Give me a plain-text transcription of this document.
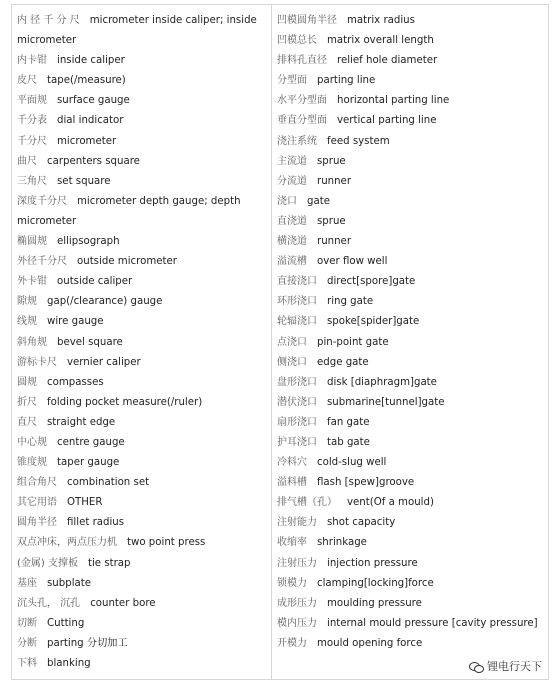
内 径 千 分 尺 micrometer inside caliper; inside micrometer
内卡钳 inside caliper
皮尺 tape(/measure)
平面规 surface gauge
千分表 dial indicator
千分尺 micrometer
曲尺 carpenters square
三角尺 set square
深度千分尺 micrometer depth gauge; depth micrometer
椭圆规 ellipsograph
外径千分尺 outside micrometer
外卡钳 outside caliper
隙规 gap(/clearance) gauge
线规 wire gauge
斜角规 bevel square
游标卡尺 vernier caliper
圆规 compasses
折尺 folding pocket measure(/ruler)
直尺 straight edge
中心规 centre gauge
锥度规 taper gauge
组合角尺 combination set
其它用语 OTHER
圆角半径 fillet radius
双点冲床，两点压力机 two point press
(金属) 支撑板 tie strap
基座 subplate
沉头孔， 沉孔 counter bore
切断 Cutting
分断 parting 分切加工
下料 blanking
凹模圆角半径 matrix radius
凹模总长 matrix overall length
排料孔直径 relief hole diameter
分型面 parting line
水平分型面 horizontal parting line
垂直分型面 vertical parting line
浇注系统 feed system
主流道 sprue
分流道 runner
浇口 gate
直浇道 sprue
横浇道 runner
溢流槽 over flow well
直接浇口 direct[spore]gate
环形浇口 ring gate
轮辐浇口 spoke[spider]gate
点浇口 pin-point gate
侧浇口 edge gate
盘形浇口 disk [diaphragm]gate
潜伏浇口 submarine[tunnel]gate
扇形浇口 fan gate
护耳浇口 tab gate
冷料穴 cold-slug well
溢料槽 flash [spew]groove
排气槽（孔） vent(Of a mould)
注射能力 shot capacity
收缩率 shrinkage
注射压力 injection pressure
锁模力 clamping[locking]force
成形压力 moulding pressure
模内压力 internal mould pressure [cavity pressure]
开模力 mould opening force
锂电行天下
